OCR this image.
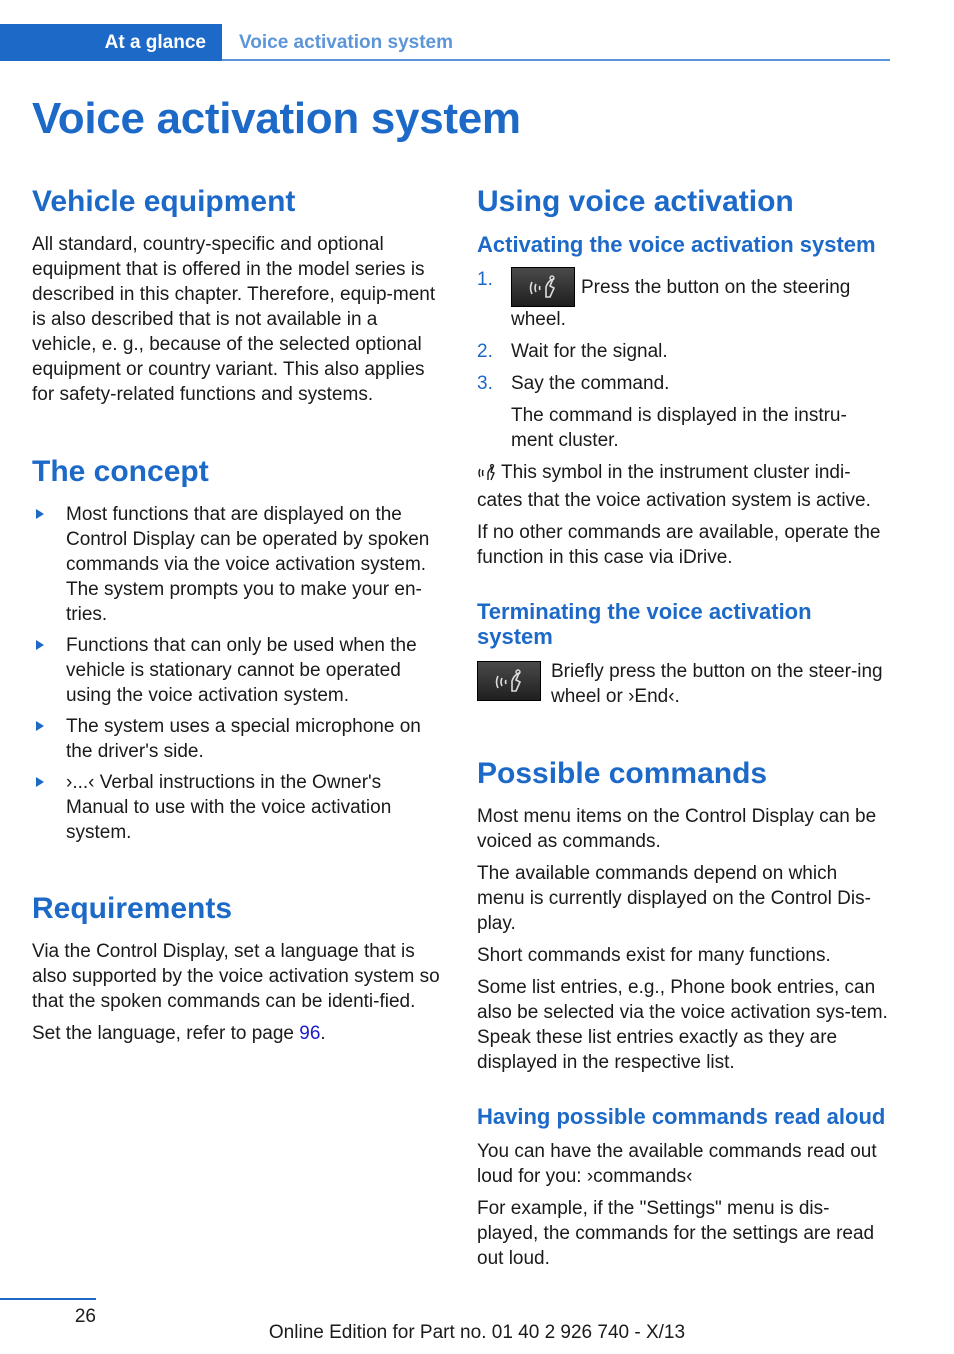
At a glance	Voice activation system
Voice activation system
Vehicle equipment

All standard, country-specific and optional equipment that is offered in the model series is described in this chapter. Therefore, equip-ment is also described that is not available in a vehicle, e. g., because of the selected optional equipment or country variant. This also applies for safety-related functions and systems.

The concept
Most functions that are displayed on the Control Display can be operated by spoken commands via the voice activation system. The system prompts you to make your en-tries.
Functions that can only be used when the vehicle is stationary cannot be operated using the voice activation system.
The system uses a special microphone on the driver's side.
›...‹ Verbal instructions in the Owner's Manual to use with the voice activation system.
Requirements

Via the Control Display, set a language that is also supported by the voice activation system so that the spoken commands can be identi-fied.

Set the language, refer to page 96.

Using voice activation
Activating the voice activation system
1.	Press the button on the steering wheel.
2. Wait for the signal.
3. Say the command.

The command is displayed in the instru-ment cluster.

This symbol in the instrument cluster indi-cates that the voice activation system is active.

If no other commands are available, operate the function in this case via iDrive.

Terminating the voice activation system
Briefly press the button on the steer-ing wheel or ›End‹.
Possible commands

Most menu items on the Control Display can be voiced as commands.

The available commands depend on which menu is currently displayed on the Control Dis-play.

Short commands exist for many functions.

Some list entries, e.g., Phone book entries, can also be selected via the voice activation sys-tem. Speak these list entries exactly as they are displayed in the respective list.

Having possible commands read aloud

You can have the available commands read out loud for you: ›commands‹

For example, if the "Settings" menu is dis-played, the commands for the settings are read out loud.

26
Online Edition for Part no. 01 40 2 926 740 - X/13
